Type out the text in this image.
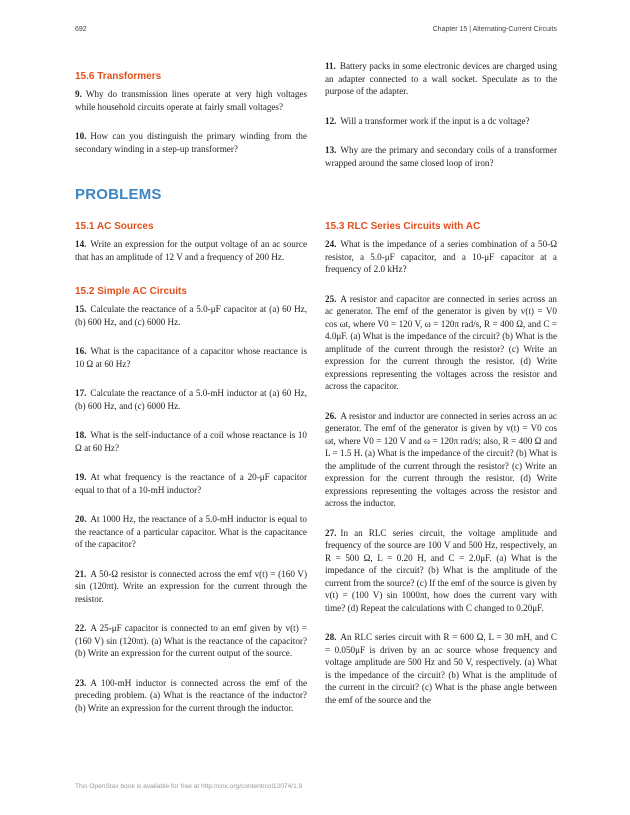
692	Chapter 15 | Alternating-Current Circuits
15.6 Transformers

9. Why do transmission lines operate at very high voltages while household circuits operate at fairly small voltages?

10. How can you distinguish the primary winding from the secondary winding in a step-up transformer?

11. Battery packs in some electronic devices are charged using an adapter connected to a wall socket. Speculate as to the purpose of the adapter.

12. Will a transformer work if the input is a dc voltage?

13. Why are the primary and secondary coils of a transformer wrapped around the same closed loop of iron?

PROBLEMS
15.1 AC Sources

14. Write an expression for the output voltage of an ac source that has an amplitude of 12 V and a frequency of 200 Hz.

15.2 Simple AC Circuits

15. Calculate the reactance of a 5.0-μF capacitor at (a) 60 Hz, (b) 600 Hz, and (c) 6000 Hz.

16. What is the capacitance of a capacitor whose reactance is 10 Ω at 60 Hz?

17. Calculate the reactance of a 5.0-mH inductor at (a) 60 Hz, (b) 600 Hz, and (c) 6000 Hz.

18. What is the self-inductance of a coil whose reactance is 10 Ω at 60 Hz?

19. At what frequency is the reactance of a 20-μF capacitor equal to that of a 10-mH inductor?

20. At 1000 Hz, the reactance of a 5.0-mH inductor is equal to the reactance of a particular capacitor. What is the capacitance of the capacitor?

21. A 50-Ω resistor is connected across the emf v(t) = (160 V) sin (120πt). Write an expression for the current through the resistor.

22. A 25-μF capacitor is connected to an emf given by v(t) = (160 V) sin (120πt). (a) What is the reactance of the capacitor? (b) Write an expression for the current output of the source.

23. A 100-mH inductor is connected across the emf of the preceding problem. (a) What is the reactance of the inductor? (b) Write an expression for the current through the inductor.

15.3 RLC Series Circuits with AC

24. What is the impedance of a series combination of a 50-Ω resistor, a 5.0-μF capacitor, and a 10-μF capacitor at a frequency of 2.0 kHz?

25. A resistor and capacitor are connected in series across an ac generator. The emf of the generator is given by v(t) = V0 cos ωt, where V0 = 120 V, ω = 120π rad/s, R = 400 Ω, and C = 4.0μF. (a) What is the impedance of the circuit? (b) What is the amplitude of the current through the resistor? (c) Write an expression for the current through the resistor. (d) Write expressions representing the voltages across the resistor and across the capacitor.

26. A resistor and inductor are connected in series across an ac generator. The emf of the generator is given by v(t) = V0 cos ωt, where V0 = 120 V and ω = 120π rad/s; also, R = 400 Ω and L = 1.5 H. (a) What is the impedance of the circuit? (b) What is the amplitude of the current through the resistor? (c) Write an expression for the current through the resistor. (d) Write expressions representing the voltages across the resistor and across the inductor.

27. In an RLC series circuit, the voltage amplitude and frequency of the source are 100 V and 500 Hz, respectively, an R = 500 Ω, L = 0.20 H, and C = 2.0μF. (a) What is the impedance of the circuit? (b) What is the amplitude of the current from the source? (c) If the emf of the source is given by v(t) = (100 V) sin 1000πt, how does the current vary with time? (d) Repeat the calculations with C changed to 0.20μF.

28. An RLC series circuit with R = 600 Ω, L = 30 mH, and C = 0.050μF is driven by an ac source whose frequency and voltage amplitude are 500 Hz and 50 V, respectively. (a) What is the impedance of the circuit? (b) What is the amplitude of the current in the circuit? (c) What is the phase angle between the emf of the source and the

This OpenStax book is available for free at http://cnx.org/content/col12074/1.9
